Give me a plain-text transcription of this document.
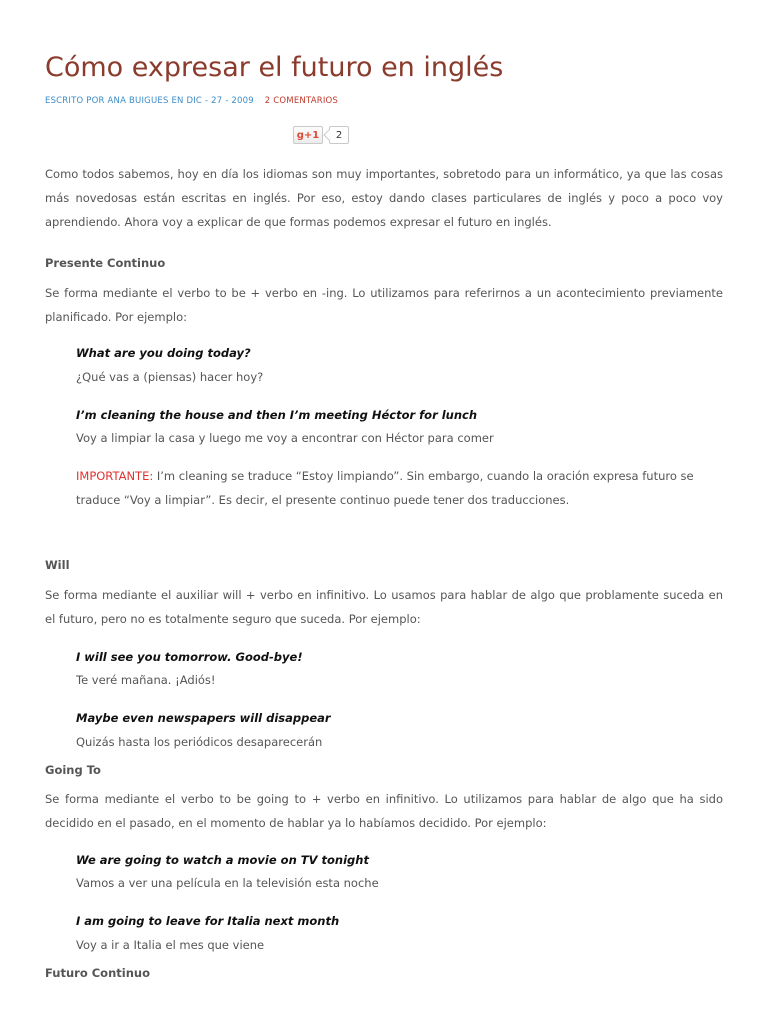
Cómo expresar el futuro en inglés
ESCRITO POR ANA BUIGUES EN DIC - 27 - 2009 2 COMENTARIOS
g +1	2

Como todos sabemos, hoy en día los idiomas son muy importantes, sobretodo para un informático, ya que las cosas más novedosas están escritas en inglés. Por eso, estoy dando clases particulares de inglés y poco a poco voy aprendiendo. Ahora voy a explicar de que formas podemos expresar el futuro en inglés.

Presente Continuo

Se forma mediante el verbo to be + verbo en -ing. Lo utilizamos para referirnos a un acontecimiento previamente planificado. Por ejemplo:

What are you doing today?

¿Qué vas a (piensas) hacer hoy?

I’m cleaning the house and then I’m meeting Héctor for lunch

Voy a limpiar la casa y luego me voy a encontrar con Héctor para comer

IMPORTANTE: I’m cleaning se traduce “Estoy limpiando”. Sin embargo, cuando la oración expresa futuro se traduce “Voy a limpiar”. Es decir, el presente continuo puede tener dos traducciones.

Will

Se forma mediante el auxiliar will + verbo en infinitivo. Lo usamos para hablar de algo que problamente suceda en el futuro, pero no es totalmente seguro que suceda. Por ejemplo:

I will see you tomorrow. Good-bye!

Te veré mañana. ¡Adiós!

Maybe even newspapers will disappear

Quizás hasta los periódicos desaparecerán

Going To

Se forma mediante el verbo to be going to + verbo en infinitivo. Lo utilizamos para hablar de algo que ha sido decidido en el pasado, en el momento de hablar ya lo habíamos decidido. Por ejemplo:

We are going to watch a movie on TV tonight

Vamos a ver una película en la televisión esta noche

I am going to leave for Italia next month

Voy a ir a Italia el mes que viene

Futuro Continuo
